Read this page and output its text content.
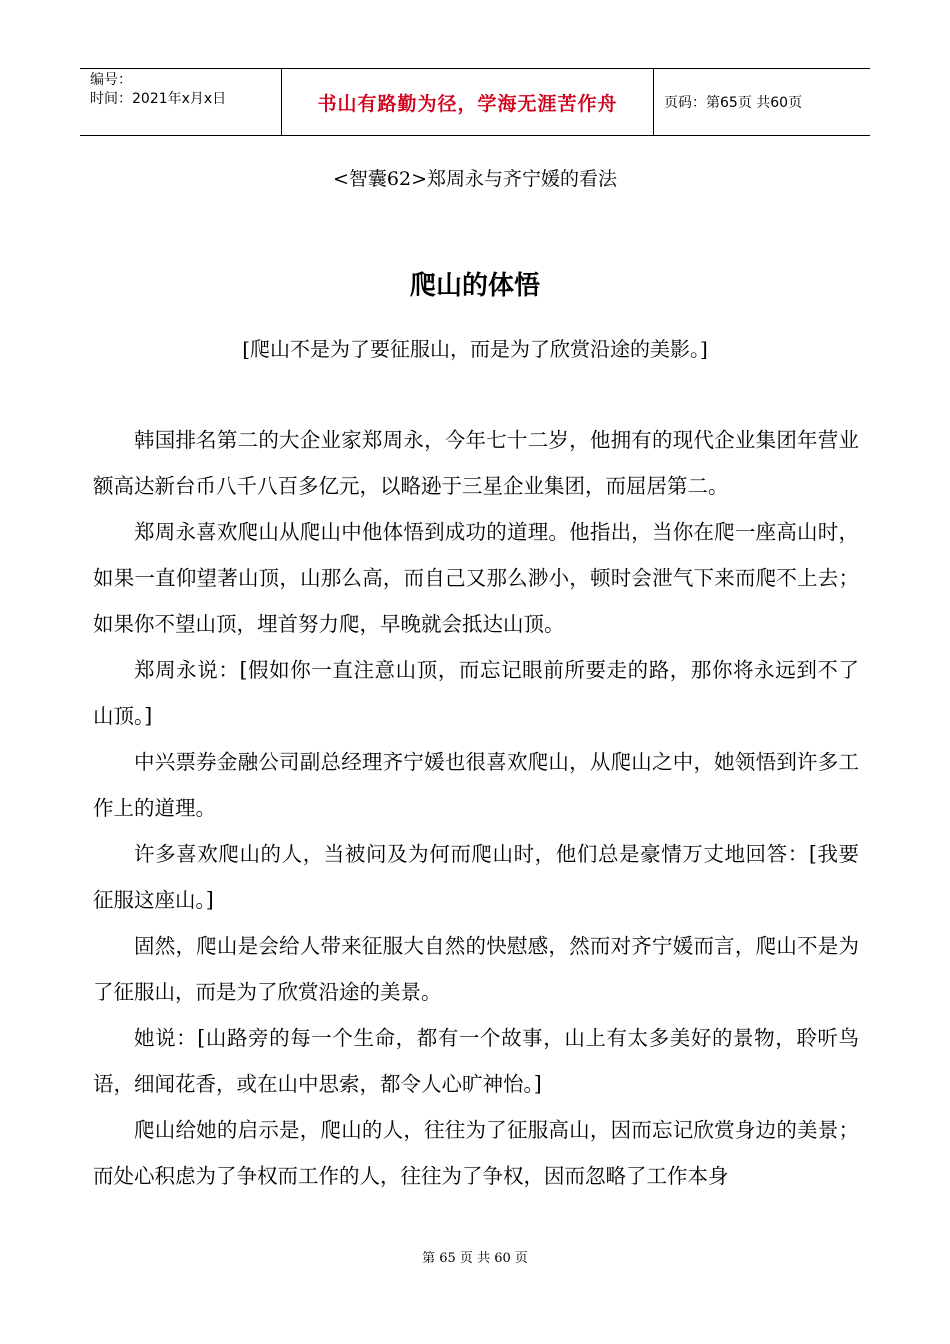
编号：
时间：2021年x月x日	书山有路勤为径，学海无涯苦作舟	页码：第65页 共60页
<智囊62>郑周永与齐宁媛的看法
爬山的体悟
[爬山不是为了要征服山，而是为了欣赏沿途的美影。]

韩国排名第二的大企业家郑周永，今年七十二岁，他拥有的现代企业集团年营业额高达新台币八千八百多亿元，以略逊于三星企业集团，而屈居第二。

郑周永喜欢爬山从爬山中他体悟到成功的道理。他指出，当你在爬一座高山时，如果一直仰望著山顶，山那么高，而自己又那么渺小，顿时会泄气下来而爬不上去；如果你不望山顶，埋首努力爬，早晚就会抵达山顶。

郑周永说：[假如你一直注意山顶，而忘记眼前所要走的路，那你将永远到不了山顶。]

中兴票券金融公司副总经理齐宁媛也很喜欢爬山，从爬山之中，她领悟到许多工作上的道理。

许多喜欢爬山的人，当被问及为何而爬山时，他们总是豪情万丈地回答：[我要征服这座山。]

固然，爬山是会给人带来征服大自然的快慰感，然而对齐宁媛而言，爬山不是为了征服山，而是为了欣赏沿途的美景。

她说：[山路旁的每一个生命，都有一个故事，山上有太多美好的景物，聆听鸟语，细闻花香，或在山中思索，都令人心旷神怡。]

爬山给她的启示是，爬山的人，往往为了征服高山，因而忘记欣赏身边的美景；而处心积虑为了争权而工作的人，往往为了争权，因而忽略了工作本身

第 65 页 共 60 页
